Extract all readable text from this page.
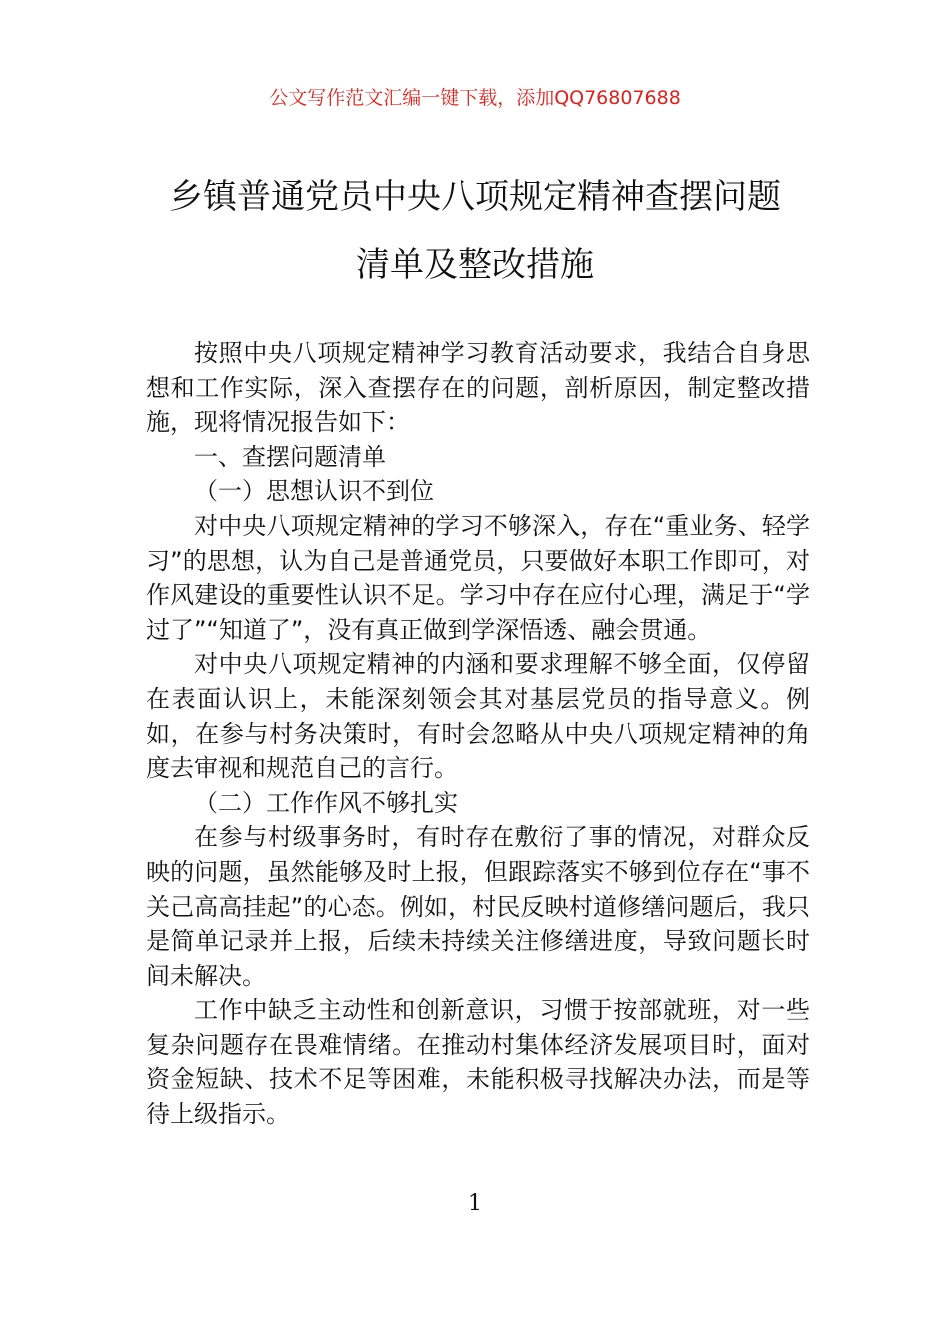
公文写作范文汇编一键下载，添加QQ76807688
乡镇普通党员中央八项规定精神查摆问题
清单及整改措施

按照中央八项规定精神学习教育活动要求，我结合自身思想和工作实际，深入查摆存在的问题，剖析原因，制定整改措施，现将情况报告如下：

一、查摆问题清单

（一）思想认识不到位

对中央八项规定精神的学习不够深入，存在“重业务、轻学习”的思想，认为自己是普通党员，只要做好本职工作即可，对作风建设的重要性认识不足。学习中存在应付心理，满足于“学过了”“知道了”，没有真正做到学深悟透、融会贯通。

对中央八项规定精神的内涵和要求理解不够全面，仅停留在表面认识上，未能深刻领会其对基层党员的指导意义。例如，在参与村务决策时，有时会忽略从中央八项规定精神的角度去审视和规范自己的言行。

（二）工作作风不够扎实

在参与村级事务时，有时存在敷衍了事的情况，对群众反映的问题，虽然能够及时上报，但跟踪落实不够到位存在“事不关己高高挂起”的心态。例如，村民反映村道修缮问题后，我只是简单记录并上报，后续未持续关注修缮进度，导致问题长时间未解决。

工作中缺乏主动性和创新意识，习惯于按部就班，对一些复杂问题存在畏难情绪。在推动村集体经济发展项目时，面对资金短缺、技术不足等困难，未能积极寻找解决办法，而是等待上级指示。

1
